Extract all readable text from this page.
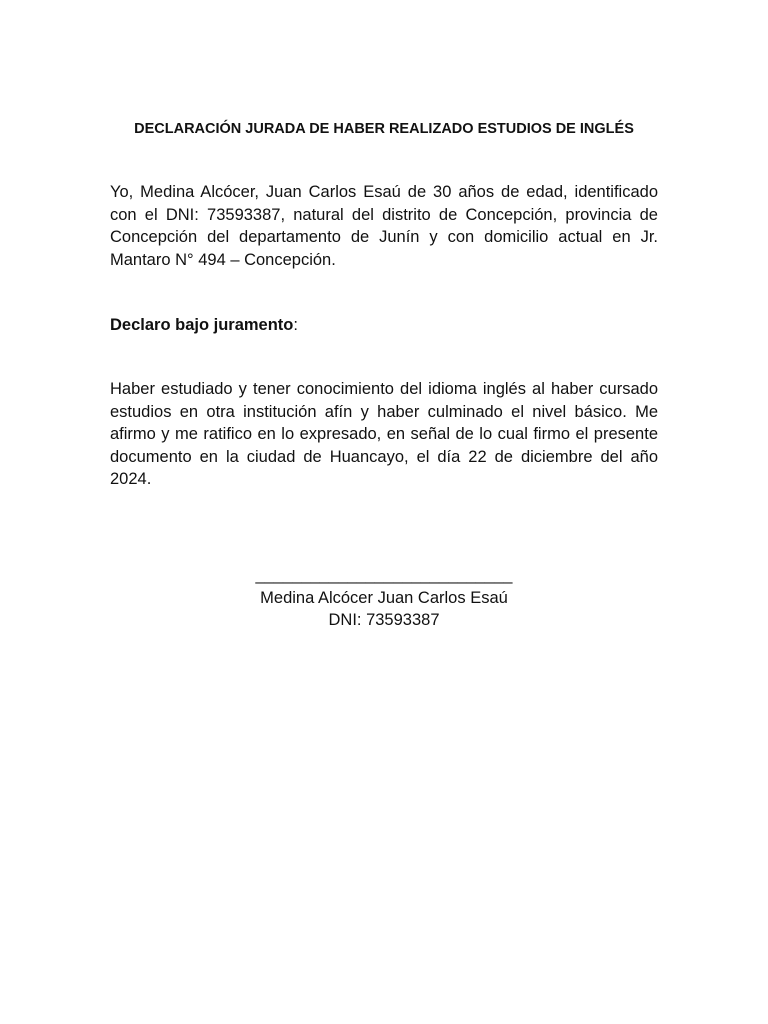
DECLARACIÓN JURADA DE HABER REALIZADO ESTUDIOS DE INGLÉS

Yo, Medina Alcócer, Juan Carlos Esaú de 30 años de edad, identificado con el DNI: 73593387, natural del distrito de Concepción, provincia de Concepción del departamento de Junín y con domicilio actual en Jr. Mantaro N° 494 – Concepción.

Declaro bajo juramento:

Haber estudiado y tener conocimiento del idioma inglés al haber cursado estudios en otra institución afín y haber culminado el nivel básico. Me afirmo y me ratifico en lo expresado, en señal de lo cual firmo el presente documento en la ciudad de Huancayo, el día 22 de diciembre del año 2024.

____________________________
Medina Alcócer Juan Carlos Esaú
DNI: 73593387
